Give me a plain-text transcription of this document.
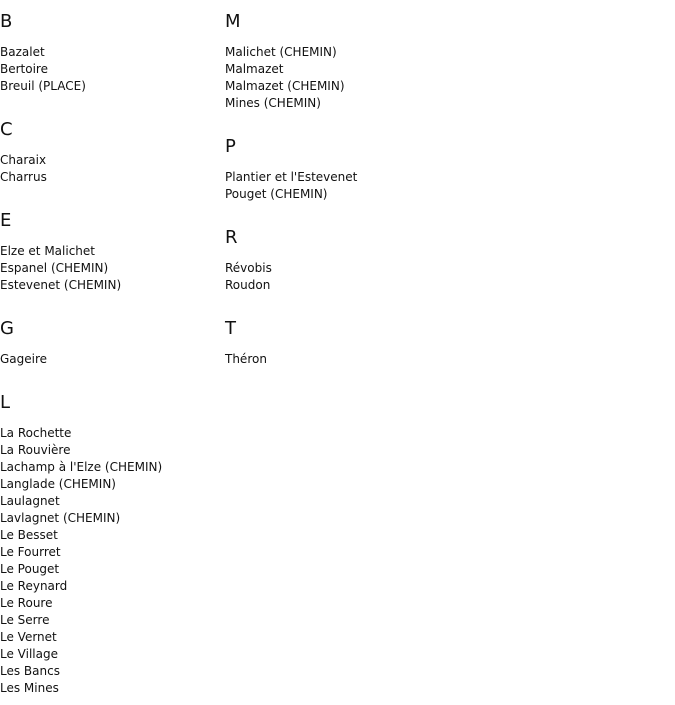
B
Bazalet
Bertoire
Breuil (PLACE)
C
Charaix
Charrus
E
Elze et Malichet
Espanel (CHEMIN)
Estevenet (CHEMIN)
G
Gageire
L
La Rochette
La Rouvière
Lachamp à l'Elze (CHEMIN)
Langlade (CHEMIN)
Laulagnet
Lavlagnet (CHEMIN)
Le Besset
Le Fourret
Le Pouget
Le Reynard
Le Roure
Le Serre
Le Vernet
Le Village
Les Bancs
Les Mines
M
Malichet (CHEMIN)
Malmazet
Malmazet (CHEMIN)
Mines (CHEMIN)
P
Plantier et l'Estevenet
Pouget (CHEMIN)
R
Révobis
Roudon
T
Théron
